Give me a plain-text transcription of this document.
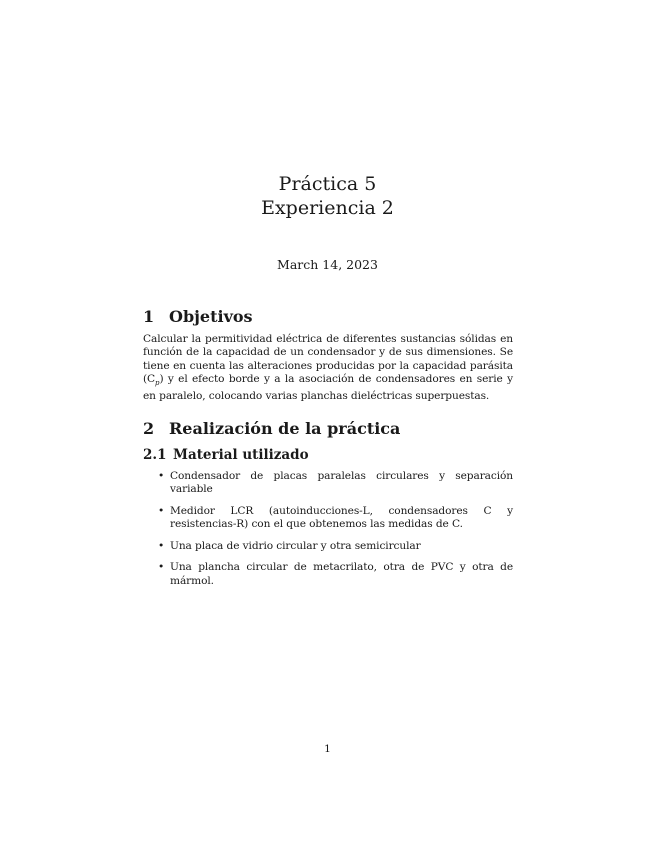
Práctica 5
Experiencia 2
March 14, 2023
1 Objetivos

Calcular la permitividad eléctrica de diferentes sustancias sólidas en función de la capacidad de un condensador y de sus dimensiones. Se tiene en cuenta las alteraciones producidas por la capacidad parásita $(C_p)$ y el efecto borde y a la asociación de condensadores en serie y en paralelo, colocando varias planchas dieléctricas superpuestas.

2 Realización de la práctica
2.1 Material utilizado
• Condensador de placas paralelas circulares y separación variable
• Medidor LCR (autoinducciones-L, condensadores C y resistencias-R) con el que obtenemos las medidas de C.
• Una placa de vidrio circular y otra semicircular
• Una plancha circular de metacrilato, otra de PVC y otra de mármol.
1
